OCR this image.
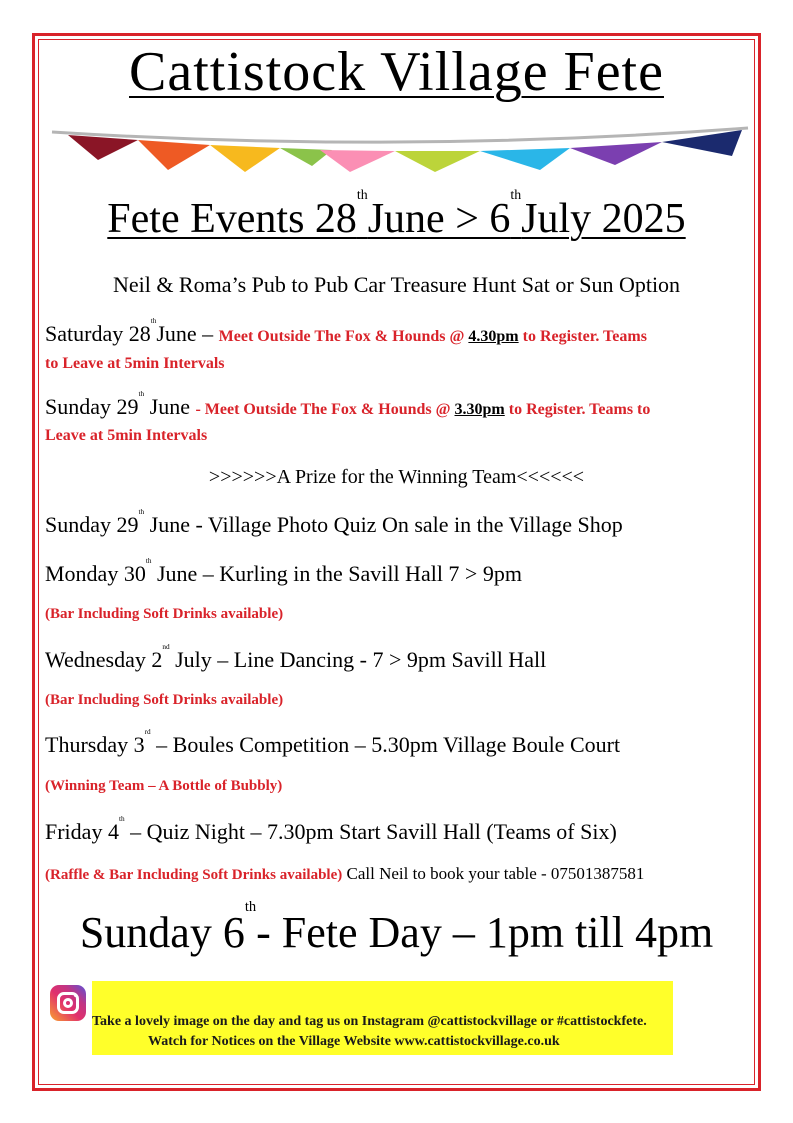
Cattistock Village Fete
Fete Events 28thJune > 6thJuly 2025
Neil & Roma’s Pub to Pub Car Treasure Hunt Sat or Sun Option
Saturday 28thJune – Meet Outside The Fox & Hounds @ 4.30pm to Register. Teams
to Leave at 5min Intervals
Sunday 29th June - Meet Outside The Fox & Hounds @ 3.30pm to Register. Teams to
Leave at 5min Intervals
>>>>>>A Prize for the Winning Team<<<<<<
Sunday 29th June - Village Photo Quiz On sale in the Village Shop
Monday 30th June – Kurling in the Savill Hall 7 > 9pm
(Bar Including Soft Drinks available)
Wednesday 2nd July – Line Dancing - 7 > 9pm Savill Hall
(Bar Including Soft Drinks available)
Thursday 3rd – Boules Competition – 5.30pm Village Boule Court
(Winning Team – A Bottle of Bubbly)
Friday 4th – Quiz Night – 7.30pm Start Savill Hall (Teams of Six)
(Raffle & Bar Including Soft Drinks available) Call Neil to book your table - 07501387581
Sunday 6th- Fete Day – 1pm till 4pm
Take a lovely image on the day and tag us on Instagram @cattistockvillage or #cattistockfete.
Watch for Notices on the Village Website www.cattistockvillage.co.uk
